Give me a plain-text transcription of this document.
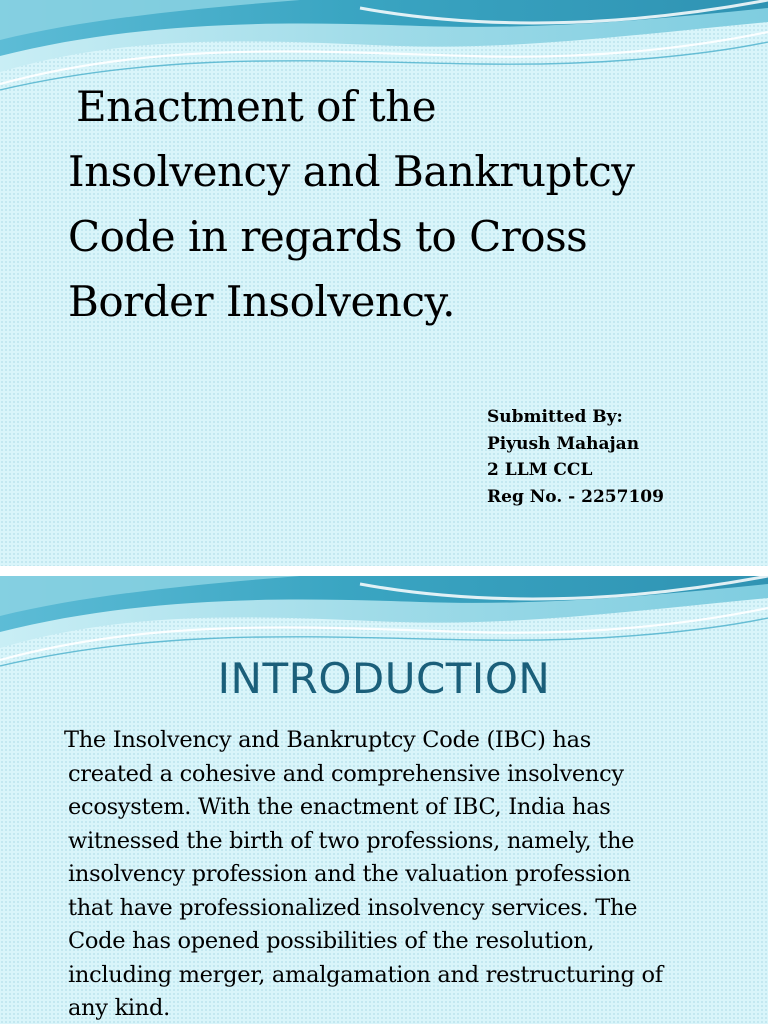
Enactment of the
Insolvency and Bankruptcy
Code in regards to Cross
Border Insolvency.
Submitted By:
Piyush Mahajan
2 LLM CCL
Reg No. - 2257109
INTRODUCTION
The Insolvency and Bankruptcy Code (IBC) has
created a cohesive and comprehensive insolvency
ecosystem. With the enactment of IBC, India has
witnessed the birth of two professions, namely, the
insolvency profession and the valuation profession
that have professionalized insolvency services. The
Code has opened possibilities of the resolution,
including merger, amalgamation and restructuring of
any kind.
